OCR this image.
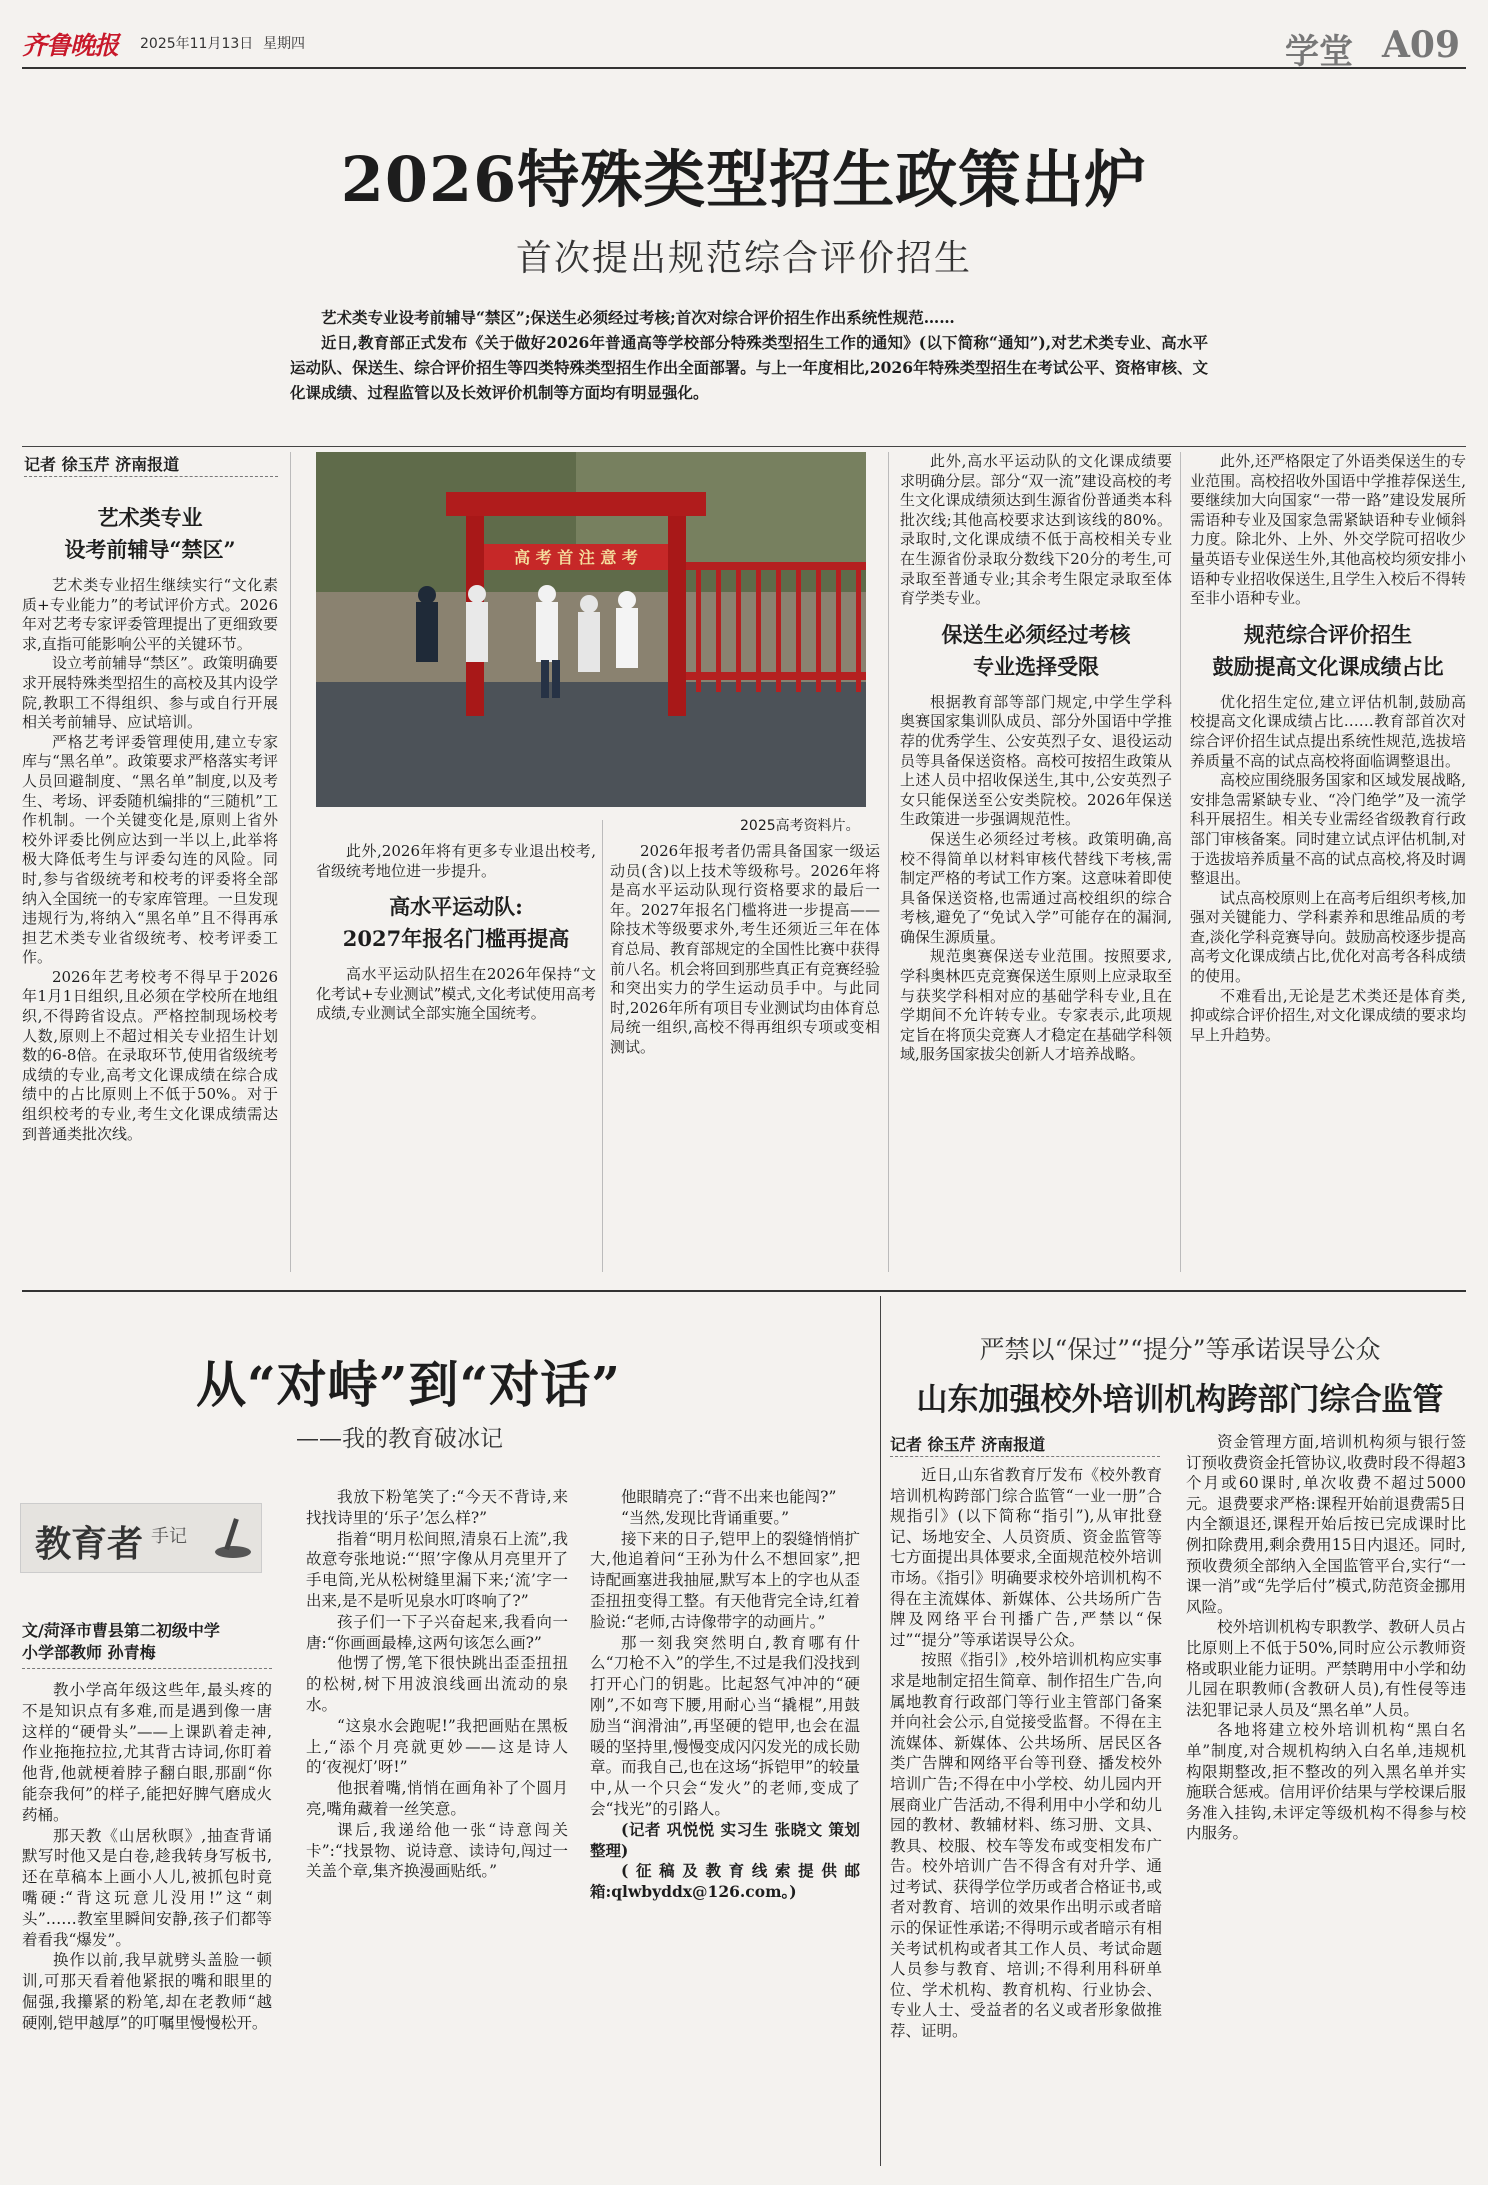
齐鲁晚报 2025年11月13日 星期四	学堂 A09
2026特殊类型招生政策出炉
首次提出规范综合评价招生
艺术类专业设考前辅导“禁区”;保送生必须经过考核;首次对综合评价招生作出系统性规范……
近日,教育部正式发布《关于做好2026年普通高等学校部分特殊类型招生工作的通知》(以下简称“通知”),对艺术类专业、高水平运动队、保送生、综合评价招生等四类特殊类型招生作出全面部署。与上一年度相比,2026年特殊类型招生在考试公平、资格审核、文化课成绩、过程监管以及长效评价机制等方面均有明显强化。
记者 徐玉芹 济南报道
艺术类专业
设考前辅导“禁区”

艺术类专业招生继续实行“文化素质+专业能力”的考试评价方式。2026年对艺考专家评委管理提出了更细致要求,直指可能影响公平的关键环节。

设立考前辅导“禁区”。政策明确要求开展特殊类型招生的高校及其内设学院,教职工不得组织、参与或自行开展相关考前辅导、应试培训。

严格艺考评委管理使用,建立专家库与“黑名单”。政策要求严格落实考评人员回避制度、“黑名单”制度,以及考生、考场、评委随机编排的“三随机”工作机制。一个关键变化是,原则上省外校外评委比例应达到一半以上,此举将极大降低考生与评委勾连的风险。同时,参与省级统考和校考的评委将全部纳入全国统一的专家库管理。一旦发现违规行为,将纳入“黑名单”且不得再承担艺术类专业省级统考、校考评委工作。

2026年艺考校考不得早于2026年1月1日组织,且必须在学校所在地组织,不得跨省设点。严格控制现场校考人数,原则上不超过相关专业招生计划数的6-8倍。在录取环节,使用省级统考成绩的专业,高考文化课成绩在综合成绩中的占比原则上不低于50%。对于组织校考的专业,考生文化课成绩需达到普通类批次线。

高 考 首 注 意 考
2025高考资料片。

此外,2026年将有更多专业退出校考,省级统考地位进一步提升。

高水平运动队:
2027年报名门槛再提高

高水平运动队招生在2026年保持“文化考试+专业测试”模式,文化考试使用高考成绩,专业测试全部实施全国统考。

2026年报考者仍需具备国家一级运动员(含)以上技术等级称号。2026年将是高水平运动队现行资格要求的最后一年。2027年报名门槛将进一步提高——除技术等级要求外,考生还须近三年在体育总局、教育部规定的全国性比赛中获得前八名。机会将回到那些真正有竞赛经验和突出实力的学生运动员手中。与此同时,2026年所有项目专业测试均由体育总局统一组织,高校不得再组织专项或变相测试。

此外,高水平运动队的文化课成绩要求明确分层。部分“双一流”建设高校的考生文化课成绩须达到生源省份普通类本科批次线;其他高校要求达到该线的80%。录取时,文化课成绩不低于高校相关专业在生源省份录取分数线下20分的考生,可录取至普通专业;其余考生限定录取至体育学类专业。

保送生必须经过考核
专业选择受限

根据教育部等部门规定,中学生学科奥赛国家集训队成员、部分外国语中学推荐的优秀学生、公安英烈子女、退役运动员等具备保送资格。高校可按招生政策从上述人员中招收保送生,其中,公安英烈子女只能保送至公安类院校。2026年保送生政策进一步强调规范性。

保送生必须经过考核。政策明确,高校不得简单以材料审核代替线下考核,需制定严格的考试工作方案。这意味着即使具备保送资格,也需通过高校组织的综合考核,避免了“免试入学”可能存在的漏洞,确保生源质量。

规范奥赛保送专业范围。按照要求,学科奥林匹克竞赛保送生原则上应录取至与获奖学科相对应的基础学科专业,且在学期间不允许转专业。专家表示,此项规定旨在将顶尖竞赛人才稳定在基础学科领域,服务国家拔尖创新人才培养战略。

此外,还严格限定了外语类保送生的专业范围。高校招收外国语中学推荐保送生,要继续加大向国家“一带一路”建设发展所需语种专业及国家急需紧缺语种专业倾斜力度。除北外、上外、外交学院可招收少量英语专业保送生外,其他高校均须安排小语种专业招收保送生,且学生入校后不得转至非小语种专业。

规范综合评价招生
鼓励提高文化课成绩占比

优化招生定位,建立评估机制,鼓励高校提高文化课成绩占比……教育部首次对综合评价招生试点提出系统性规范,选拔培养质量不高的试点高校将面临调整退出。

高校应围绕服务国家和区域发展战略,安排急需紧缺专业、“冷门绝学”及一流学科开展招生。相关专业需经省级教育行政部门审核备案。同时建立试点评估机制,对于选拔培养质量不高的试点高校,将及时调整退出。

试点高校原则上在高考后组织考核,加强对关键能力、学科素养和思维品质的考查,淡化学科竞赛导向。鼓励高校逐步提高高考文化课成绩占比,优化对高考各科成绩的使用。

不难看出,无论是艺术类还是体育类,抑或综合评价招生,对文化课成绩的要求均早上升趋势。

从“对峙”到“对话”
——我的教育破冰记
教育者 手记
文/菏泽市曹县第二初级中学
小学部教师 孙青梅

教小学高年级这些年,最头疼的不是知识点有多难,而是遇到像一唐这样的“硬骨头”——上课趴着走神,作业拖拖拉拉,尤其背古诗词,你盯着他背,他就梗着脖子翻白眼,那副“你能奈我何”的样子,能把好脾气磨成火药桶。

那天教《山居秋暝》,抽查背诵默写时他又是白卷,趁我转身写板书,还在草稿本上画小人儿,被抓包时竟嘴硬:“背这玩意儿没用!”这“刺头”……教室里瞬间安静,孩子们都等着看我“爆发”。

换作以前,我早就劈头盖脸一顿训,可那天看着他紧抿的嘴和眼里的倔强,我攥紧的粉笔,却在老教师“越硬刚,铠甲越厚”的叮嘱里慢慢松开。

我放下粉笔笑了:“今天不背诗,来找找诗里的‘乐子’怎么样?”

指着“明月松间照,清泉石上流”,我故意夸张地说:“‘照’字像从月亮里开了手电筒,光从松树缝里漏下来;‘流’字一出来,是不是听见泉水叮咚响了?”

孩子们一下子兴奋起来,我看向一唐:“你画画最棒,这两句该怎么画?”

他愣了愣,笔下很快跳出歪歪扭扭的松树,树下用波浪线画出流动的泉水。

“这泉水会跑呢!”我把画贴在黑板上,“添个月亮就更妙——这是诗人的‘夜视灯’呀!”

他抿着嘴,悄悄在画角补了个圆月亮,嘴角藏着一丝笑意。

课后,我递给他一张“诗意闯关卡”:“找景物、说诗意、读诗句,闯过一关盖个章,集齐换漫画贴纸。”

他眼睛亮了:“背不出来也能闯?”

“当然,发现比背诵重要。”

接下来的日子,铠甲上的裂缝悄悄扩大,他追着问“王孙为什么不想回家”,把诗配画塞进我抽屉,默写本上的字也从歪歪扭扭变得工整。有天他背完全诗,红着脸说:“老师,古诗像带字的动画片。”

那一刻我突然明白,教育哪有什么“刀枪不入”的学生,不过是我们没找到打开心门的钥匙。比起怒气冲冲的“硬刚”,不如弯下腰,用耐心当“撬棍”,用鼓励当“润滑油”,再坚硬的铠甲,也会在温暖的坚持里,慢慢变成闪闪发光的成长勋章。而我自己,也在这场“拆铠甲”的较量中,从一个只会“发火”的老师,变成了会“找光”的引路人。

(记者 巩悦悦 实习生 张晓文 策划整理)

(征稿及教育线索提供邮箱:qlwbyddx@126.com。)

严禁以“保过”“提分”等承诺误导公众
山东加强校外培训机构跨部门综合监管
记者 徐玉芹 济南报道

近日,山东省教育厅发布《校外教育培训机构跨部门综合监管“一业一册”合规指引》(以下简称“指引”),从审批登记、场地安全、人员资质、资金监管等七方面提出具体要求,全面规范校外培训市场。《指引》明确要求校外培训机构不得在主流媒体、新媒体、公共场所广告牌及网络平台刊播广告,严禁以“保过”“提分”等承诺误导公众。

按照《指引》,校外培训机构应实事求是地制定招生简章、制作招生广告,向属地教育行政部门等行业主管部门备案并向社会公示,自觉接受监督。不得在主流媒体、新媒体、公共场所、居民区各类广告牌和网络平台等刊登、播发校外培训广告;不得在中小学校、幼儿园内开展商业广告活动,不得利用中小学和幼儿园的教材、教辅材料、练习册、文具、教具、校服、校车等发布或变相发布广告。校外培训广告不得含有对升学、通过考试、获得学位学历或者合格证书,或者对教育、培训的效果作出明示或者暗示的保证性承诺;不得明示或者暗示有相关考试机构或者其工作人员、考试命题人员参与教育、培训;不得利用科研单位、学术机构、教育机构、行业协会、专业人士、受益者的名义或者形象做推荐、证明。

资金管理方面,培训机构须与银行签订预收费资金托管协议,收费时段不得超3个月或60课时,单次收费不超过5000元。退费要求严格:课程开始前退费需5日内全额退还,课程开始后按已完成课时比例扣除费用,剩余费用15日内退还。同时,预收费须全部纳入全国监管平台,实行“一课一消”或“先学后付”模式,防范资金挪用风险。

校外培训机构专职教学、教研人员占比原则上不低于50%,同时应公示教师资格或职业能力证明。严禁聘用中小学和幼儿园在职教师(含教研人员),有性侵等违法犯罪记录人员及“黑名单”人员。

各地将建立校外培训机构“黑白名单”制度,对合规机构纳入白名单,违规机构限期整改,拒不整改的列入黑名单并实施联合惩戒。信用评价结果与学校课后服务准入挂钩,未评定等级机构不得参与校内服务。
